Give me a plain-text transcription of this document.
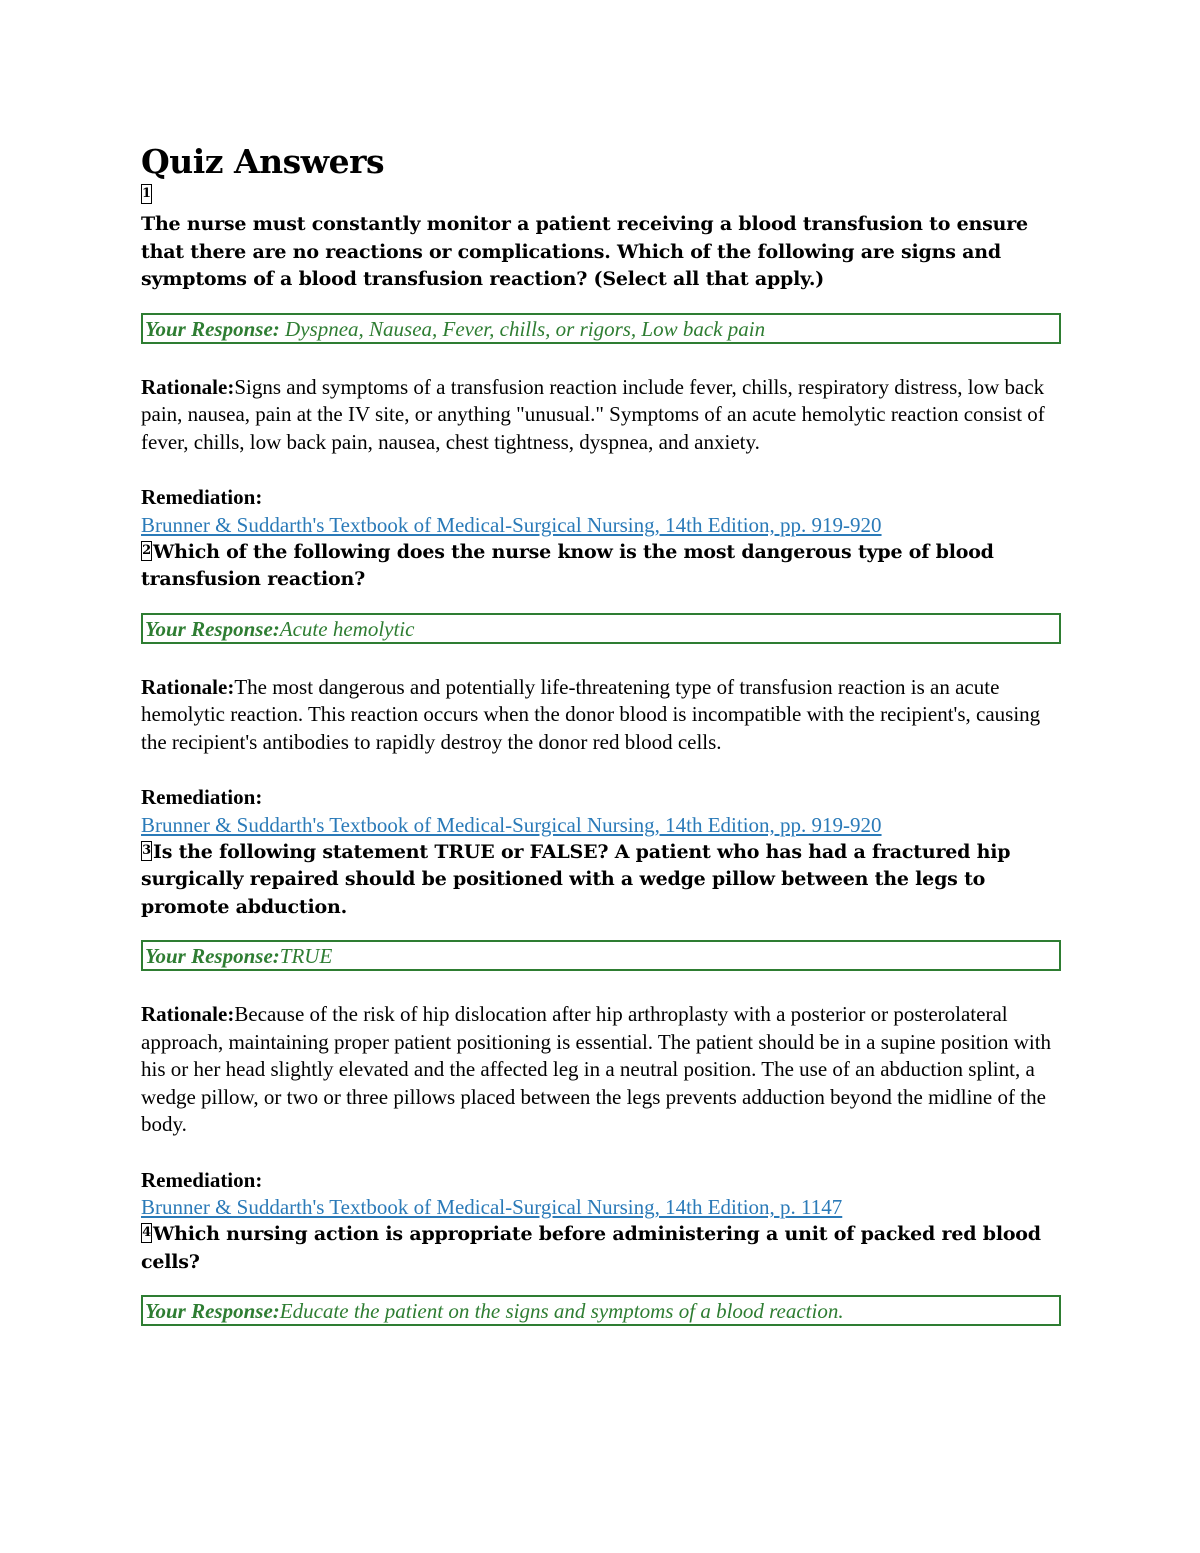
Quiz Answers
1

The nurse must constantly monitor a patient receiving a blood transfusion to ensure that there are no reactions or complications. Which of the following are signs and symptoms of a blood transfusion reaction? (Select all that apply.)

Your Response: Dyspnea, Nausea, Fever, chills, or rigors, Low back pain

Rationale:Signs and symptoms of a transfusion reaction include fever, chills, respiratory distress, low back pain, nausea, pain at the IV site, or anything "unusual." Symptoms of an acute hemolytic reaction consist of fever, chills, low back pain, nausea, chest tightness, dyspnea, and anxiety.

Remediation:

Brunner & Suddarth's Textbook of Medical-Surgical Nursing, 14th Edition, pp. 919-920

2 Which of the following does the nurse know is the most dangerous type of blood transfusion reaction?

Your Response:Acute hemolytic

Rationale:The most dangerous and potentially life-threatening type of transfusion reaction is an acute hemolytic reaction. This reaction occurs when the donor blood is incompatible with the recipient's, causing the recipient's antibodies to rapidly destroy the donor red blood cells.

Remediation:

Brunner & Suddarth's Textbook of Medical-Surgical Nursing, 14th Edition, pp. 919-920

3 Is the following statement TRUE or FALSE? A patient who has had a fractured hip surgically repaired should be positioned with a wedge pillow between the legs to promote abduction.

Your Response:TRUE

Rationale:Because of the risk of hip dislocation after hip arthroplasty with a posterior or posterolateral approach, maintaining proper patient positioning is essential. The patient should be in a supine position with his or her head slightly elevated and the affected leg in a neutral position. The use of an abduction splint, a wedge pillow, or two or three pillows placed between the legs prevents adduction beyond the midline of the body.

Remediation:

Brunner & Suddarth's Textbook of Medical-Surgical Nursing, 14th Edition, p. 1147

4 Which nursing action is appropriate before administering a unit of packed red blood cells?

Your Response:Educate the patient on the signs and symptoms of a blood reaction.
